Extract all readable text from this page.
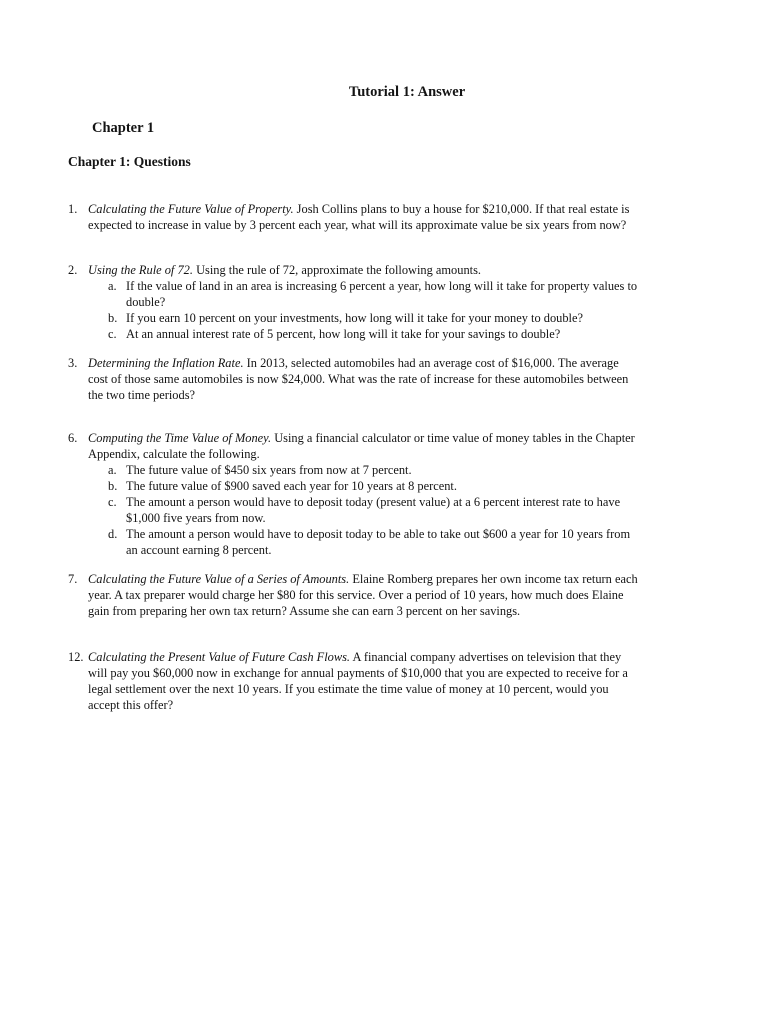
Tutorial 1: Answer
Chapter 1
Chapter 1: Questions
1. Calculating the Future Value of Property. Josh Collins plans to buy a house for $210,000. If that real estate is expected to increase in value by 3 percent each year, what will its approximate value be six years from now?
2. Using the Rule of 72. Using the rule of 72, approximate the following amounts.
a. If the value of land in an area is increasing 6 percent a year, how long will it take for property values to double?
b. If you earn 10 percent on your investments, how long will it take for your money to double?
c. At an annual interest rate of 5 percent, how long will it take for your savings to double?
3. Determining the Inflation Rate. In 2013, selected automobiles had an average cost of $16,000. The average cost of those same automobiles is now $24,000. What was the rate of increase for these automobiles between the two time periods?
6. Computing the Time Value of Money. Using a financial calculator or time value of money tables in the Chapter Appendix, calculate the following.
a. The future value of $450 six years from now at 7 percent.
b. The future value of $900 saved each year for 10 years at 8 percent.
c. The amount a person would have to deposit today (present value) at a 6 percent interest rate to have $1,000 five years from now.
d. The amount a person would have to deposit today to be able to take out $600 a year for 10 years from an account earning 8 percent.
7. Calculating the Future Value of a Series of Amounts. Elaine Romberg prepares her own income tax return each year. A tax preparer would charge her $80 for this service. Over a period of 10 years, how much does Elaine gain from preparing her own tax return? Assume she can earn 3 percent on her savings.
12. Calculating the Present Value of Future Cash Flows. A financial company advertises on television that they will pay you $60,000 now in exchange for annual payments of $10,000 that you are expected to receive for a legal settlement over the next 10 years. If you estimate the time value of money at 10 percent, would you accept this offer?
